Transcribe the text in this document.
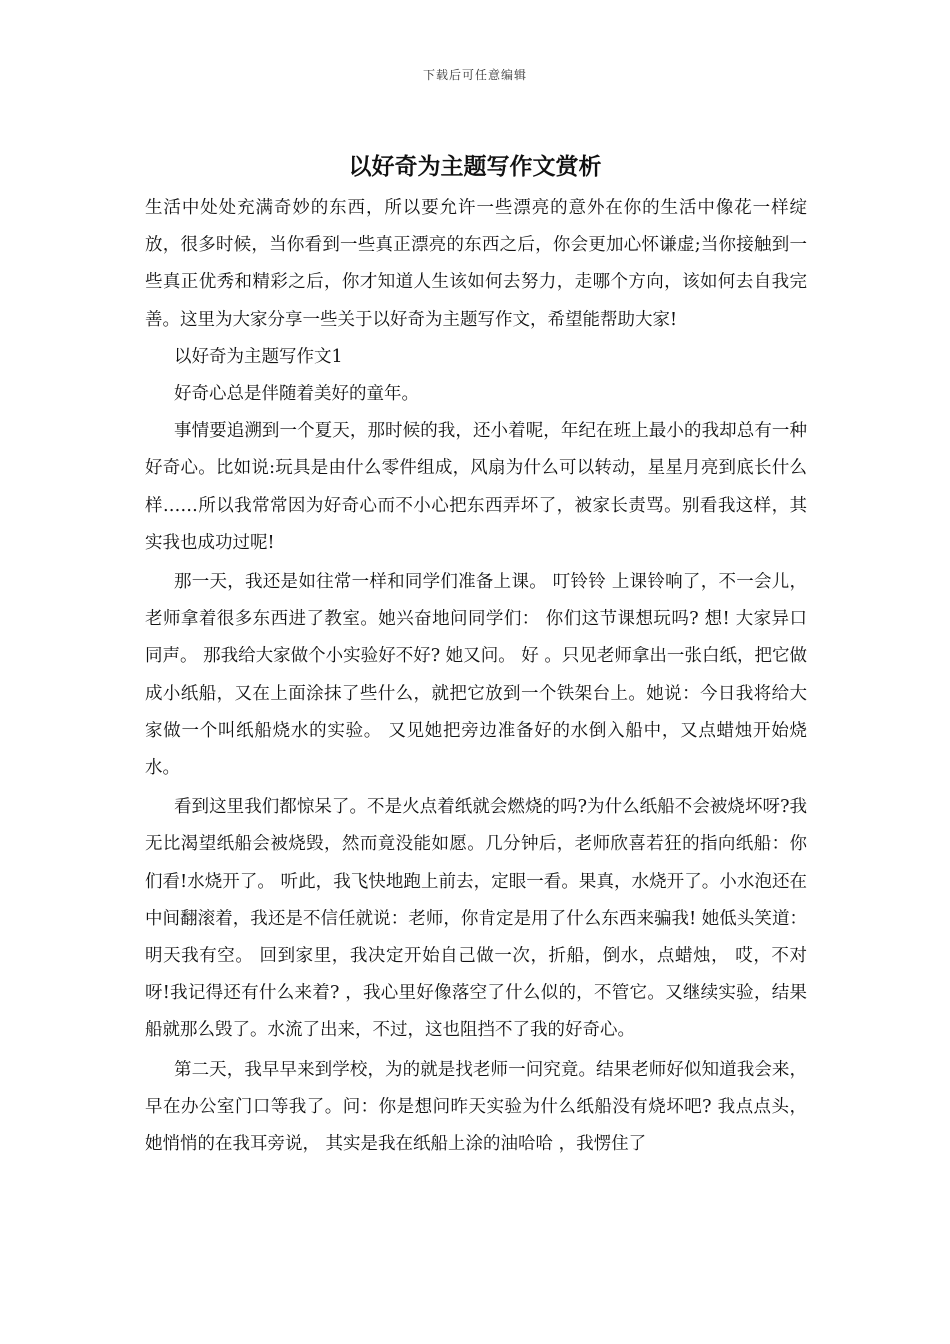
下载后可任意编辑
以好奇为主题写作文赏析

生活中处处充满奇妙的东西，所以要允许一些漂亮的意外在你的生活中像花一样绽放，很多时候，当你看到一些真正漂亮的东西之后，你会更加心怀谦虚;当你接触到一些真正优秀和精彩之后，你才知道人生该如何去努力，走哪个方向，该如何去自我完善。这里为大家分享一些关于以好奇为主题写作文，希望能帮助大家!

以好奇为主题写作文1

好奇心总是伴随着美好的童年。

事情要追溯到一个夏天，那时候的我，还小着呢，年纪在班上最小的我却总有一种好奇心。比如说:玩具是由什么零件组成，风扇为什么可以转动，星星月亮到底长什么样……所以我常常因为好奇心而不小心把东西弄坏了，被家长责骂。别看我这样，其实我也成功过呢!

那一天，我还是如往常一样和同学们准备上课。 叮铃铃 上课铃响了，不一会儿，老师拿着很多东西进了教室。她兴奋地问同学们： 你们这节课想玩吗? 想! 大家异口同声。 那我给大家做个小实验好不好? 她又问。 好 。只见老师拿出一张白纸，把它做成小纸船，又在上面涂抹了些什么，就把它放到一个铁架台上。她说：今日我将给大家做一个叫纸船烧水的实验。 又见她把旁边准备好的水倒入船中，又点蜡烛开始烧水。

看到这里我们都惊呆了。不是火点着纸就会燃烧的吗?为什么纸船不会被烧坏呀?我无比渴望纸船会被烧毁，然而竟没能如愿。几分钟后，老师欣喜若狂的指向纸船：你们看!水烧开了。 听此，我飞快地跑上前去，定眼一看。果真，水烧开了。小水泡还在中间翻滚着，我还是不信任就说：老师，你肯定是用了什么东西来骗我! 她低头笑道：明天我有空。 回到家里，我决定开始自己做一次，折船，倒水，点蜡烛， 哎，不对呀!我记得还有什么来着? ，我心里好像落空了什么似的，不管它。又继续实验，结果船就那么毁了。水流了出来，不过，这也阻挡不了我的好奇心。

第二天，我早早来到学校，为的就是找老师一问究竟。结果老师好似知道我会来，早在办公室门口等我了。问：你是想问昨天实验为什么纸船没有烧坏吧? 我点点头，她悄悄的在我耳旁说， 其实是我在纸船上涂的油哈哈 ，我愣住了
